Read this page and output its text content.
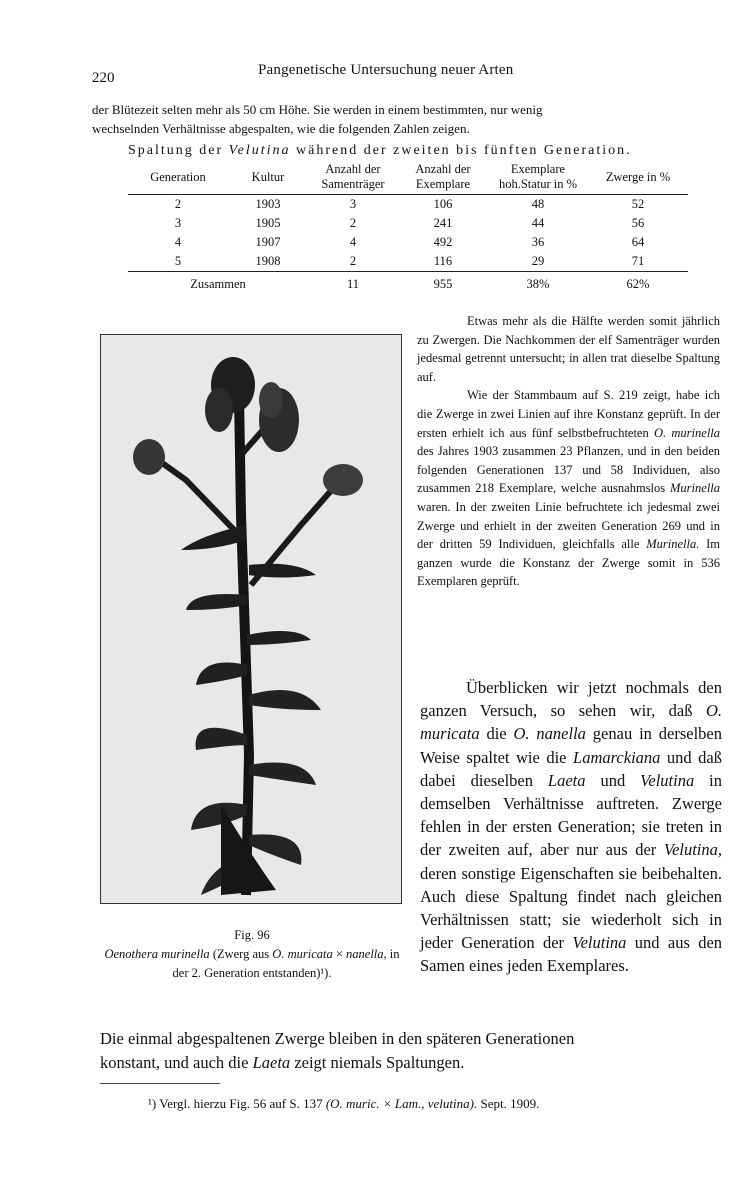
220	Pangenetische Untersuchung neuer Arten
der Blütezeit selten mehr als 50 cm Höhe. Sie werden in einem bestimmten, nur wenig
wechselnden Verhältnisse abgespalten, wie die folgenden Zahlen zeigen.
Spaltung der Velutina während der zweiten bis fünften Generation.
Generation	Kultur	Anzahl der Samenträger	Anzahl der Exemplare	Exemplare hoh.Statur in %	Zwerge in %
2	1903	3	106	48	52
3	1905	2	241	44	56
4	1907	4	492	36	64
5	1908	2	116	29	71
Zusammen		11	955	38%	62%
Fig. 96
Oenothera murinella (Zwerg aus O. muricata × nanella, in der 2. Generation entstanden)¹).

Etwas mehr als die Hälfte werden somit jährlich zu Zwergen. Die Nachkommen der elf Samenträger wurden jedesmal getrennt untersucht; in allen trat dieselbe Spaltung auf.

Wie der Stammbaum auf S. 219 zeigt, habe ich die Zwerge in zwei Linien auf ihre Konstanz geprüft. In der ersten erhielt ich aus fünf selbstbefruchteten O. murinella des Jahres 1903 zusammen 23 Pflanzen, und in den beiden folgenden Generationen 137 und 58 Individuen, also zusammen 218 Exemplare, welche ausnahmslos Murinella waren. In der zweiten Linie befruchtete ich jedesmal zwei Zwerge und erhielt in der zweiten Generation 269 und in der dritten 59 Individuen, gleichfalls alle Murinella. Im ganzen wurde die Konstanz der Zwerge somit in 536 Exemplaren geprüft.

Überblicken wir jetzt nochmals den ganzen Versuch, so sehen wir, daß O. muricata die O. nanella genau in derselben Weise spaltet wie die Lamarckiana und daß dabei dieselben Laeta und Velutina in demselben Verhältnisse auftreten. Zwerge fehlen in der ersten Generation; sie treten in der zweiten auf, aber nur aus der Velutina, deren sonstige Eigenschaften sie beibehalten. Auch diese Spaltung findet nach gleichen Verhältnissen statt; sie wiederholt sich in jeder Generation der Velutina und aus den Samen eines jeden Exemplares.

Die einmal abgespaltenen Zwerge bleiben in den späteren Generationen
konstant, und auch die Laeta zeigt niemals Spaltungen.
¹) Vergl. hierzu Fig. 56 auf S. 137 (O. muric. × Lam., velutina). Sept. 1909.
